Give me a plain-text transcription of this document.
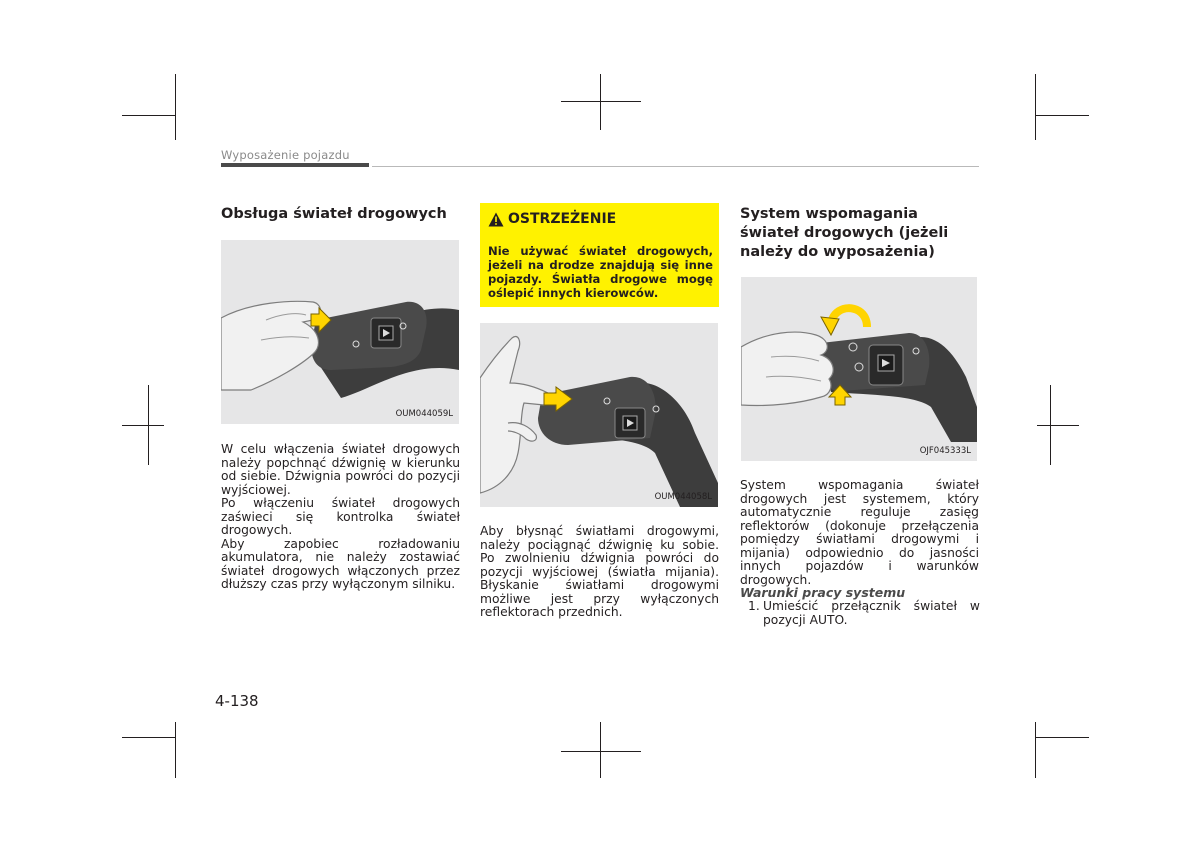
Wyposażenie pojazdu
Obsługa świateł drogowych
OUM044059L

W celu włączenia świateł drogowych należy popchnąć dźwignię w kierunku od siebie. Dźwignia powróci do pozycji wyjściowej.

Po włączeniu świateł drogowych zaświeci się kontrolka świateł drogowych.

Aby zapobiec rozładowaniu akumulatora, nie należy zostawiać świateł drogowych włączonych przez dłuższy czas przy wyłączonym silniku.

OSTRZEŻENIE
Nie używać świateł drogowych, jeżeli na drodze znajdują się inne pojazdy. Światła drogowe mogę oślepić innych kierowców.
OUM044058L

Aby błysnąć światłami drogowymi, należy pociągnąć dźwignię ku sobie. Po zwolnieniu dźwignia powróci do pozycji wyjściowej (światła mijania). Błyskanie światłami drogowymi możliwe jest przy wyłączonych reflektorach przednich.

System wspomagania świateł drogowych (jeżeli należy do wyposażenia)
OJF045333L

System wspomagania świateł drogowych jest systemem, który automatycznie reguluje zasięg reflektorów (dokonuje przełączenia pomiędzy światłami drogowymi i mijania) odpowiednio do jasności innych pojazdów i warunków drogowych.

Warunki pracy systemu
1. Umieścić przełącznik świateł w pozycji AUTO.
4-138
